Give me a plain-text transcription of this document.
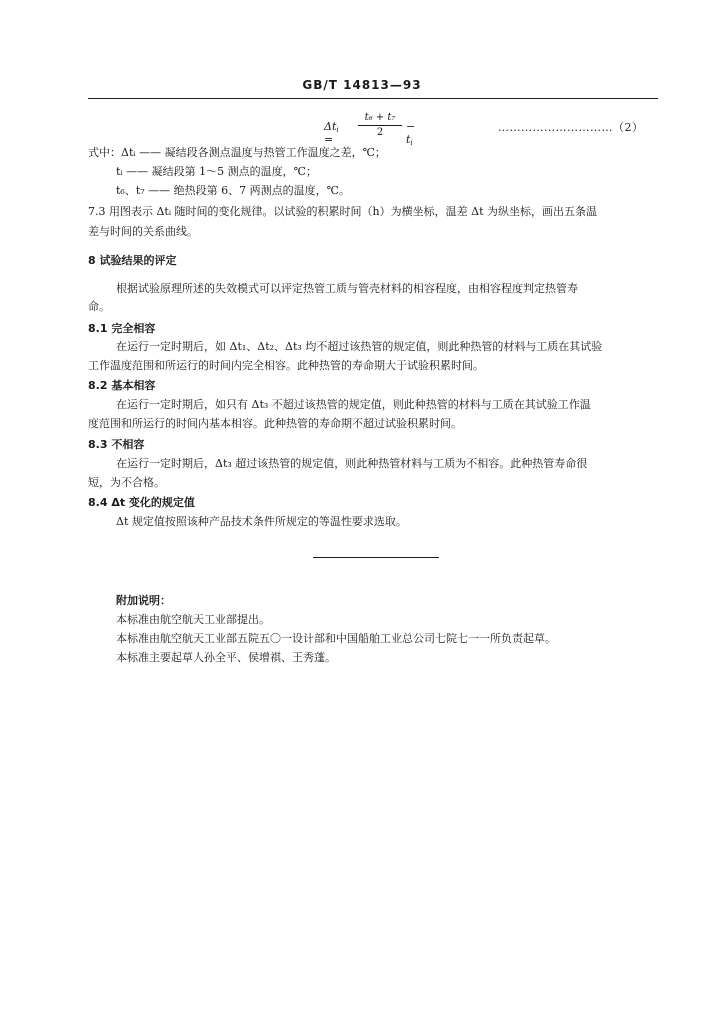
GB/T 14813—93
$\Delta t_i$ =
t₆ + t₇
2	− $t_i$
…………………………（2）
式中：Δtᵢ —— 凝结段各测点温度与热管工作温度之差，℃；
tᵢ —— 凝结段第 1～5 测点的温度，℃；
t₆、t₇ —— 绝热段第 6、7 两测点的温度，℃。
7.3 用图表示 Δtᵢ 随时间的变化规律。以试验的积累时间（h）为横坐标，温差 Δt 为纵坐标，画出五条温
差与时间的关系曲线。
8 试验结果的评定
根据试验原理所述的失效模式可以评定热管工质与管壳材料的相容程度，由相容程度判定热管寿
命。
8.1 完全相容
在运行一定时期后，如 Δt₁、Δt₂、Δt₃ 均不超过该热管的规定值，则此种热管的材料与工质在其试验
工作温度范围和所运行的时间内完全相容。此种热管的寿命期大于试验积累时间。
8.2 基本相容
在运行一定时期后，如只有 Δt₃ 不超过该热管的规定值，则此种热管的材料与工质在其试验工作温
度范围和所运行的时间内基本相容。此种热管的寿命期不超过试验积累时间。
8.3 不相容
在运行一定时期后，Δt₃ 超过该热管的规定值，则此种热管材料与工质为不相容。此种热管寿命很
短，为不合格。
8.4 Δt 变化的规定值
Δt 规定值按照该种产品技术条件所规定的等温性要求选取。
附加说明：
本标准由航空航天工业部提出。
本标准由航空航天工业部五院五〇一设计部和中国船舶工业总公司七院七一一所负责起草。
本标准主要起草人孙全平、侯增祺、王秀蓬。
